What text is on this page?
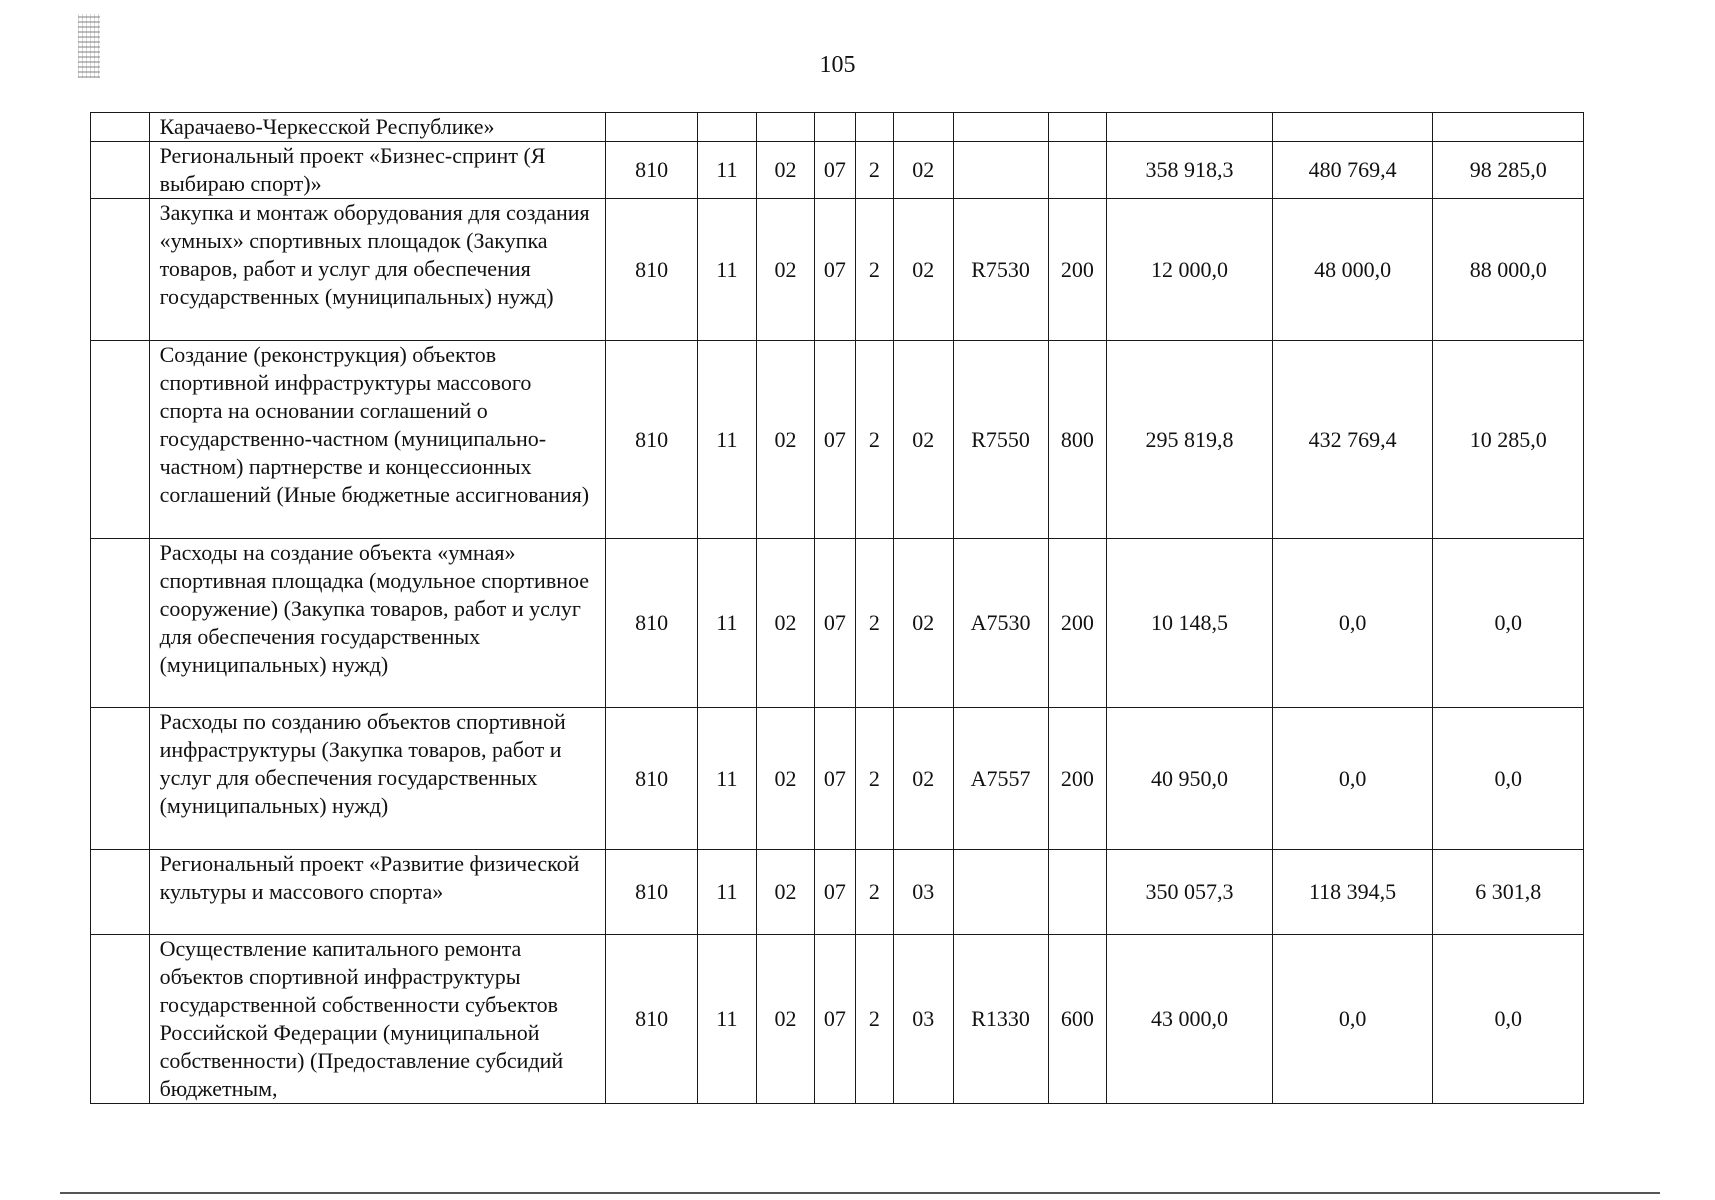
105
	Карачаево-Черкесской Республике»											
	Региональный проект «Бизнес-спринт (Я выбираю спорт)»	810	11	02	07	2	02			358 918,3	480 769,4	98 285,0
	Закупка и монтаж оборудования для создания «умных» спортивных площадок (Закупка товаров, работ и услуг для обеспечения государственных (муниципальных) нужд)	810	11	02	07	2	02	R7530	200	12 000,0	48 000,0	88 000,0
	Создание (реконструкция) объектов спортивной инфраструктуры массового спорта на основании соглашений о государственно-частном (муниципально-частном) партнерстве и концессионных соглашений (Иные бюджетные ассигнования)	810	11	02	07	2	02	R7550	800	295 819,8	432 769,4	10 285,0
	Расходы на создание объекта «умная» спортивная площадка (модульное спортивное сооружение) (Закупка товаров, работ и услуг для обеспечения государственных (муниципальных) нужд)	810	11	02	07	2	02	A7530	200	10 148,5	0,0	0,0
	Расходы по созданию объектов спортивной инфраструктуры (Закупка товаров, работ и услуг для обеспечения государственных (муниципальных) нужд)	810	11	02	07	2	02	A7557	200	40 950,0	0,0	0,0
	Региональный проект «Развитие физической культуры и массового спорта»	810	11	02	07	2	03			350 057,3	118 394,5	6 301,8
	Осуществление капитального ремонта объектов спортивной инфраструктуры государственной собственности субъектов Российской Федерации (муниципальной собственности) (Предоставление субсидий бюджетным,	810	11	02	07	2	03	R1330	600	43 000,0	0,0	0,0
